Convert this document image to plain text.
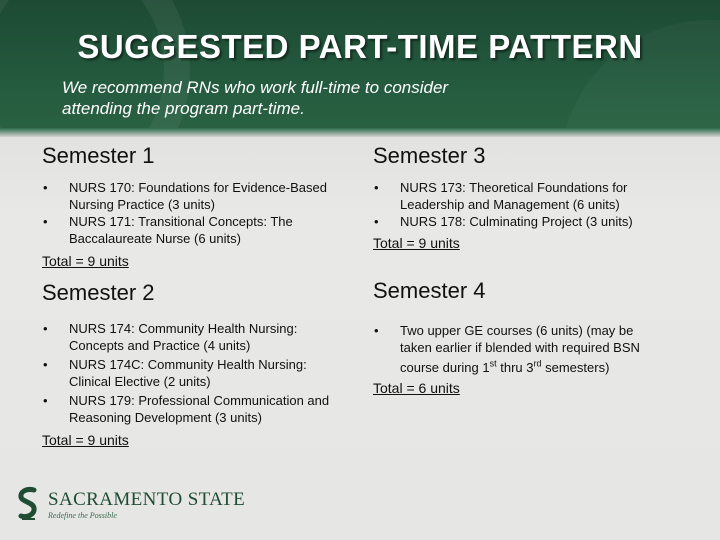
SUGGESTED PART-TIME PATTERN
We recommend RNs who work full-time to consider attending the program part-time.
Semester 1
• NURS 170: Foundations for Evidence-Based Nursing Practice (3 units)
• NURS 171: Transitional Concepts: The Baccalaureate Nurse (6 units)
Total = 9 units
Semester 2
• NURS 174: Community Health Nursing: Concepts and Practice (4 units)
• NURS 174C: Community Health Nursing: Clinical Elective (2 units)
• NURS 179: Professional Communication and Reasoning Development (3 units)
Total = 9 units
Semester 3
• NURS 173: Theoretical Foundations for Leadership and Management (6 units)
• NURS 178: Culminating Project (3 units)
Total = 9 units
Semester 4
• Two upper GE courses (6 units) (may be taken earlier if blended with required BSN course during 1st thru 3rd semesters)
Total = 6 units
SACRAMENTO STATE
Redefine the Possible
